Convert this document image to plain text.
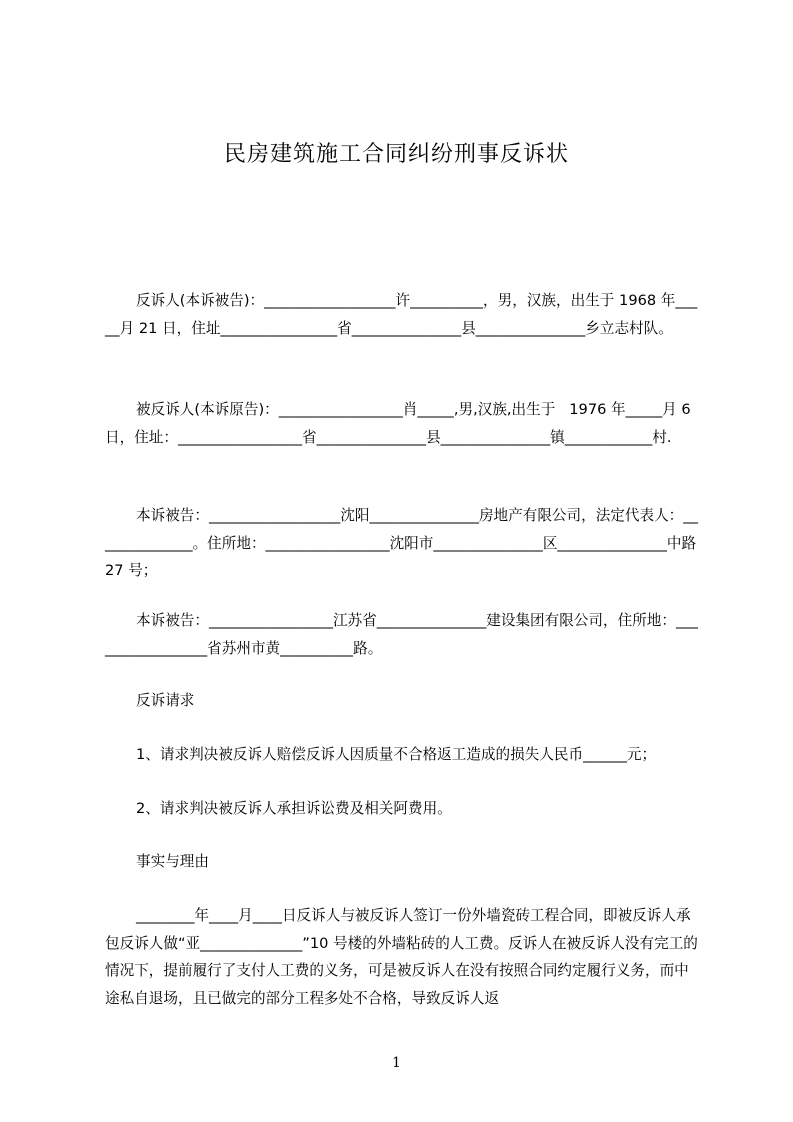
民房建筑施工合同纠纷刑事反诉状
反诉人(本诉被告)：__________________许__________，男，汉族，出生于 1968 年_____月 21 日，住址________________省_______________县_______________乡立志村队。
被反诉人(本诉原告)：_________________肖_____,男,汉族,出生于   1976 年_____月 6 日，住址：_________________省_______________县_______________镇____________村.
本诉被告：__________________沈阳_______________房地产有限公司，法定代表人：______________。住所地：_________________沈阳市_______________区_______________中路 27 号；
本诉被告：_________________江苏省_______________建设集团有限公司，住所地：_________________省苏州市黄__________路。
反诉请求
1、请求判决被反诉人赔偿反诉人因质量不合格返工造成的损失人民币______元；
2、请求判决被反诉人承担诉讼费及相关阿费用。
事实与理由
________年____月____日反诉人与被反诉人签订一份外墙瓷砖工程合同，即被反诉人承包反诉人做“亚______________”10 号楼的外墙粘砖的人工费。反诉人在被反诉人没有完工的情况下，提前履行了支付人工费的义务，可是被反诉人在没有按照合同约定履行义务，而中途私自退场，且已做完的部分工程多处不合格，导致反诉人返
1
